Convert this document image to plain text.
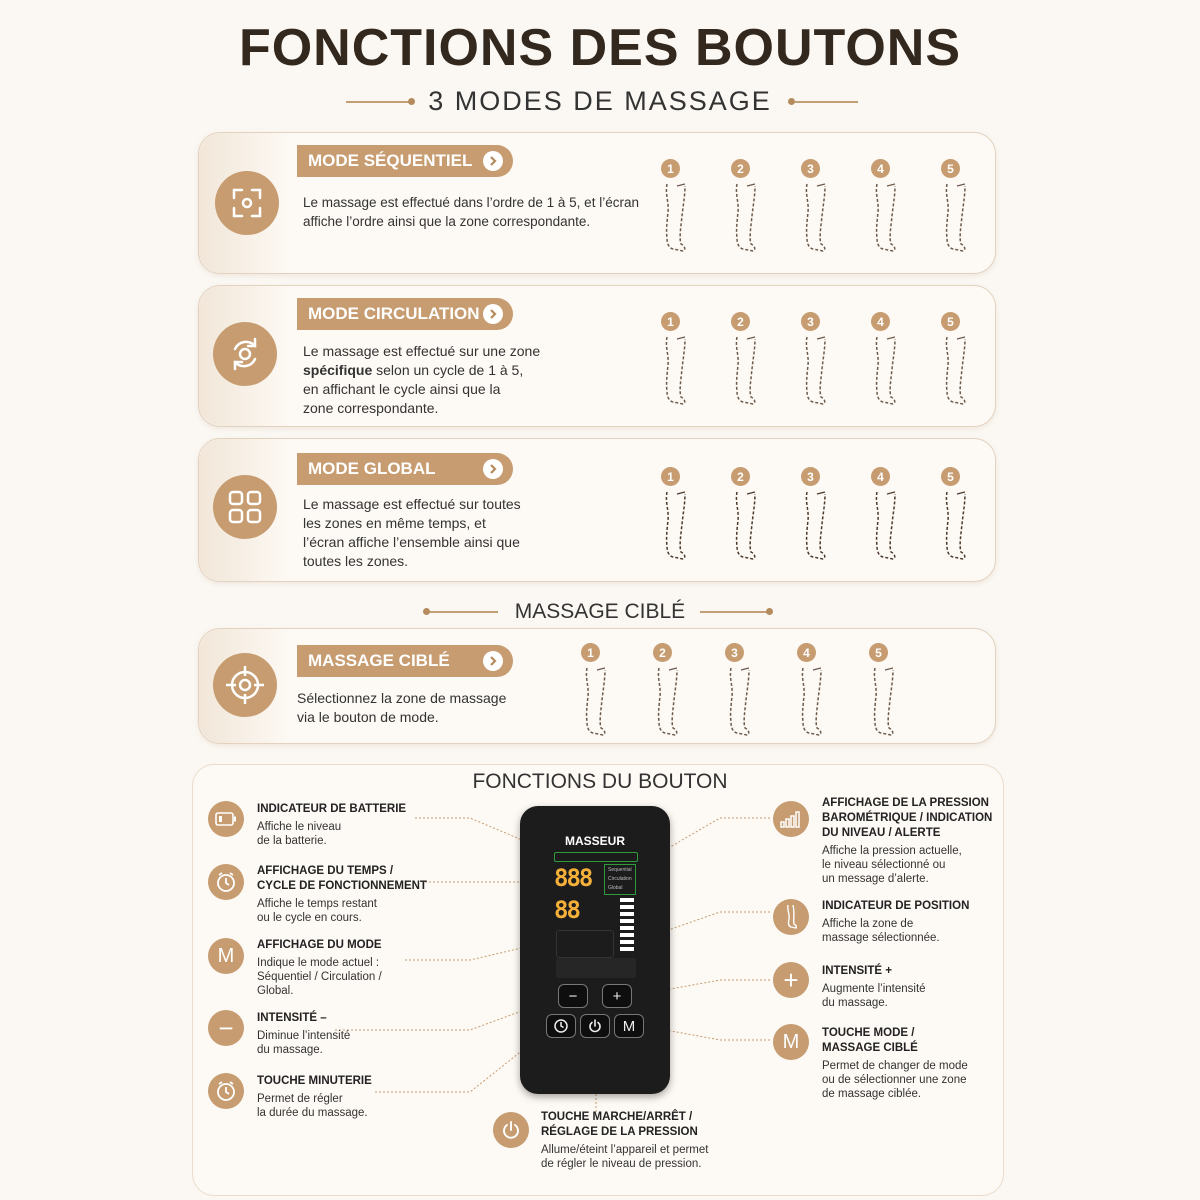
FONCTIONS DES BOUTONS
3 MODES DE MASSAGE
MODE SÉQUENTIEL
Le massage est effectué dans l’ordre de 1 à 5, et l’écran
affiche l’ordre ainsi que la zone correspondante.
1	2	3	4	5
MODE CIRCULATION
Le massage est effectué sur une zone
spécifique selon un cycle de 1 à 5,
en affichant le cycle ainsi que la
zone correspondante.
1	2	3	4	5
MODE GLOBAL
Le massage est effectué sur toutes
les zones en même temps, et
l’écran affiche l’ensemble ainsi que
toutes les zones.
1	2	3	4	5
MASSAGE CIBLÉ
MASSAGE CIBLÉ
Sélectionnez la zone de massage
via le bouton de mode.
1	2	3	4	5
FONCTIONS DU BOUTON
MASSEUR
888	Sequential
Circulation
Global
88
−	+
M
INDICATEUR DE BATTERIE
Affiche le niveau
de la batterie.
AFFICHAGE DU TEMPS /
CYCLE DE FONCTIONNEMENT
Affiche le temps restant
ou le cycle en cours.
M	AFFICHAGE DU MODE
Indique le mode actuel :
Séquentiel / Circulation /
Global.
−	INTENSITÉ –
Diminue l’intensité
du massage.
TOUCHE MINUTERIE
Permet de régler
la durée du massage.
AFFICHAGE DE LA PRESSION
BAROMÉTRIQUE / INDICATION
DU NIVEAU / ALERTE
Affiche la pression actuelle,
le niveau sélectionné ou
un message d’alerte.
INDICATEUR DE POSITION
Affiche la zone de
massage sélectionnée.
+	INTENSITÉ +
Augmente l’intensité
du massage.
M	TOUCHE MODE /
MASSAGE CIBLÉ
Permet de changer de mode
ou de sélectionner une zone
de massage ciblée.
TOUCHE MARCHE/ARRÊT /
RÉGLAGE DE LA PRESSION
Allume/éteint l’appareil et permet
de régler le niveau de pression.
